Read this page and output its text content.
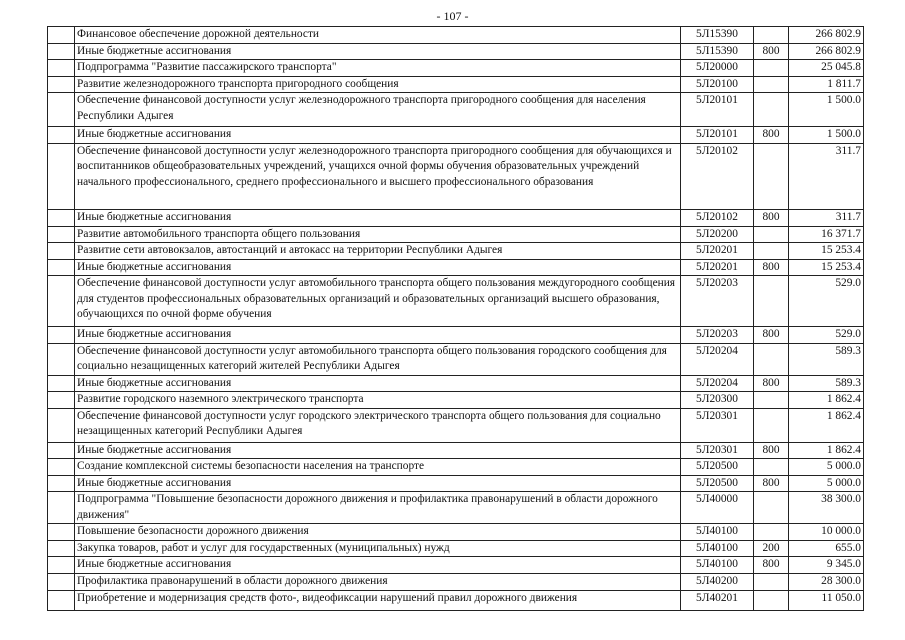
- 107 -
	Финансовое обеспечение дорожной деятельности	5Л15390		266 802.9
	Иные бюджетные ассигнования	5Л15390	800	266 802.9
	Подпрограмма "Развитие пассажирского транспорта"	5Л20000		25 045.8
	Развитие железнодорожного транспорта пригородного сообщения	5Л20100		1 811.7
	Обеспечение финансовой доступности услуг железнодорожного транспорта пригородного сообщения для населения Республики Адыгея	5Л20101		1 500.0
	Иные бюджетные ассигнования	5Л20101	800	1 500.0
	Обеспечение финансовой доступности услуг железнодорожного транспорта пригородного сообщения для обучающихся и воспитанников общеобразовательных учреждений, учащихся очной формы обучения образовательных учреждений начального профессионального, среднего профессионального и высшего профессионального образования	5Л20102		311.7
	Иные бюджетные ассигнования	5Л20102	800	311.7
	Развитие автомобильного транспорта общего пользования	5Л20200		16 371.7
	Развитие сети автовокзалов, автостанций и автокасс на территории Республики Адыгея	5Л20201		15 253.4
	Иные бюджетные ассигнования	5Л20201	800	15 253.4
	Обеспечение финансовой доступности услуг автомобильного транспорта общего пользования междугородного сообщения для студентов профессиональных образовательных организаций и образовательных организаций высшего образования, обучающихся по очной форме обучения	5Л20203		529.0
	Иные бюджетные ассигнования	5Л20203	800	529.0
	Обеспечение финансовой доступности услуг автомобильного транспорта общего пользования городского сообщения для социально незащищенных категорий жителей Республики Адыгея	5Л20204		589.3
	Иные бюджетные ассигнования	5Л20204	800	589.3
	Развитие городского наземного электрического транспорта	5Л20300		1 862.4
	Обеспечение финансовой доступности услуг городского электрического транспорта общего пользования для социально незащищенных категорий Республики Адыгея	5Л20301		1 862.4
	Иные бюджетные ассигнования	5Л20301	800	1 862.4
	Создание комплексной системы безопасности населения на транспорте	5Л20500		5 000.0
	Иные бюджетные ассигнования	5Л20500	800	5 000.0
	Подпрограмма "Повышение безопасности дорожного движения и профилактика правонарушений в области дорожного движения"	5Л40000		38 300.0
	Повышение безопасности дорожного движения	5Л40100		10 000.0
	Закупка товаров, работ и услуг для государственных (муниципальных) нужд	5Л40100	200	655.0
	Иные бюджетные ассигнования	5Л40100	800	9 345.0
	Профилактика правонарушений в области дорожного движения	5Л40200		28 300.0
	Приобретение и модернизация средств фото-, видеофиксации нарушений правил дорожного движения	5Л40201		11 050.0
